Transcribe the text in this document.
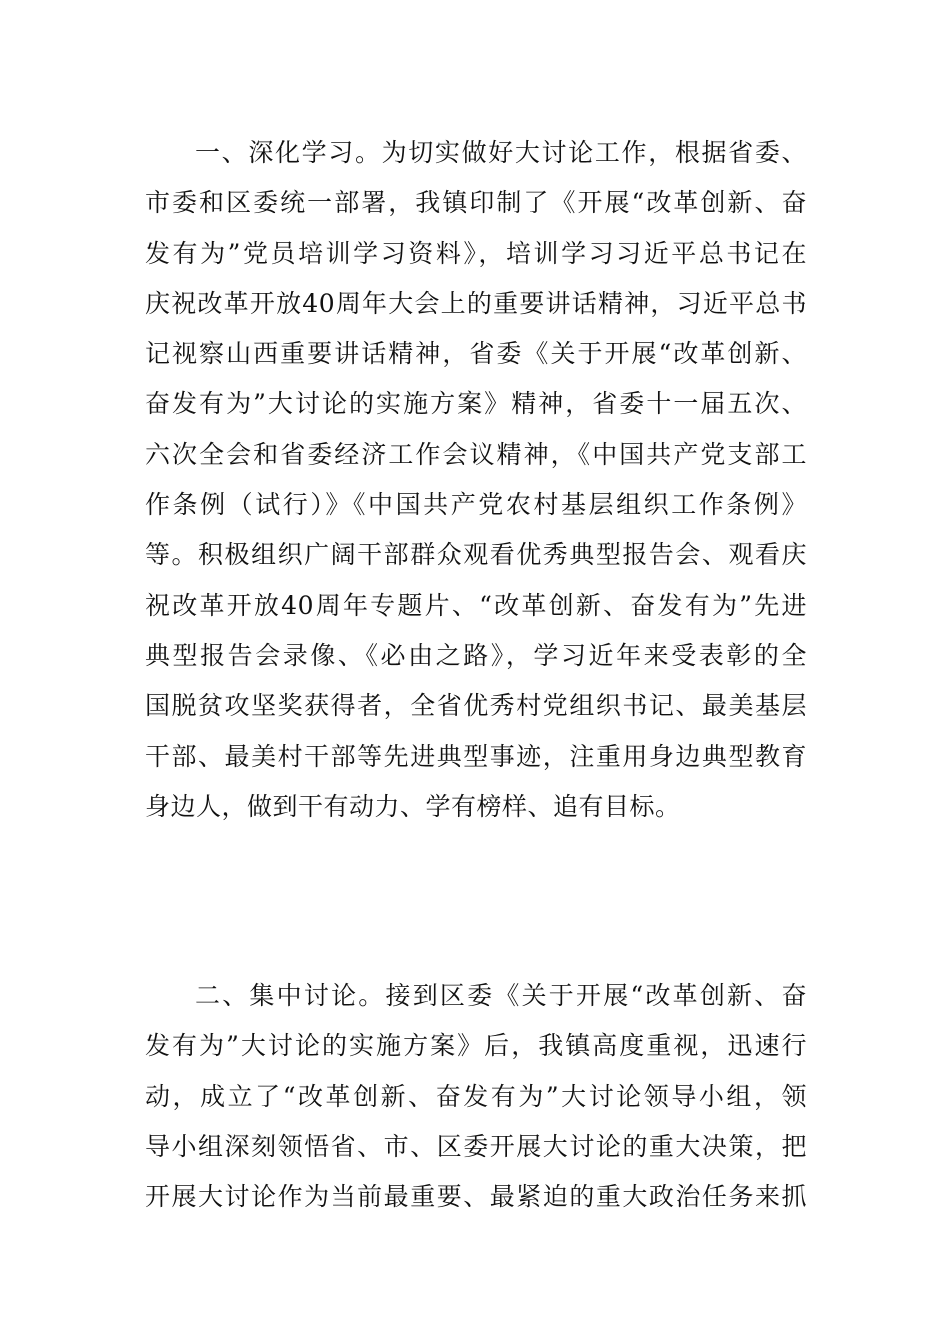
一、深化学习。为切实做好大讨论工作，根据省委、
市委和区委统一部署，我镇印制了《开展“改革创新、奋
发有为”党员培训学习资料》，培训学习习近平总书记在
庆祝改革开放40周年大会上的重要讲话精神，习近平总书
记视察山西重要讲话精神，省委《关于开展“改革创新、
奋发有为”大讨论的实施方案》精神，省委十一届五次、
六次全会和省委经济工作会议精神，《中国共产党支部工
作条例（试行）》《中国共产党农村基层组织工作条例》
等。积极组织广阔干部群众观看优秀典型报告会、观看庆
祝改革开放40周年专题片、“改革创新、奋发有为”先进
典型报告会录像、《必由之路》，学习近年来受表彰的全
国脱贫攻坚奖获得者，全省优秀村党组织书记、最美基层
干部、最美村干部等先进典型事迹，注重用身边典型教育
身边人，做到干有动力、学有榜样、追有目标。
二、集中讨论。接到区委《关于开展“改革创新、奋
发有为”大讨论的实施方案》后，我镇高度重视，迅速行
动，成立了“改革创新、奋发有为”大讨论领导小组，领
导小组深刻领悟省、市、区委开展大讨论的重大决策，把
开展大讨论作为当前最重要、最紧迫的重大政治任务来抓
